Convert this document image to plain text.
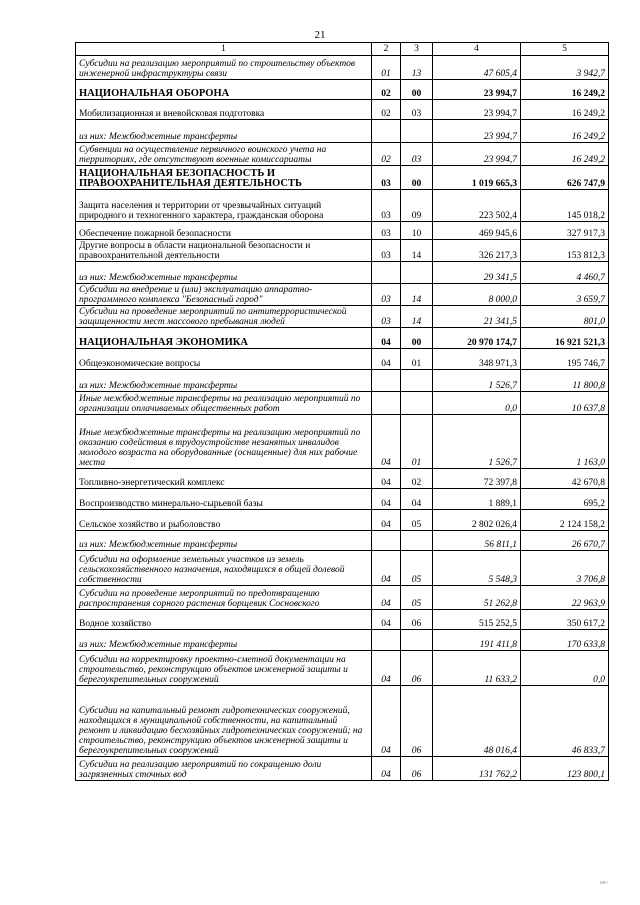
21
1	2	3	4	5
Субсидии на реализацию мероприятий по строительству объектов инженерной инфраструктуры связи	01	13	47 605,4	3 942,7
НАЦИОНАЛЬНАЯ ОБОРОНА	02	00	23 994,7	16 249,2
Мобилизационная и вневойсковая подготовка	02	03	23 994,7	16 249,2
из них: Межбюджетные трансферты			23 994,7	16 249,2
Субвенции на осуществление первичного воинского учета на территориях, где отсутствуют военные комиссариаты	02	03	23 994,7	16 249,2
НАЦИОНАЛЬНАЯ БЕЗОПАСНОСТЬ И ПРАВООХРАНИТЕЛЬНАЯ ДЕЯТЕЛЬНОСТЬ	03	00	1 019 665,3	626 747,9
Защита населения и территории от чрезвычайных ситуаций природного и техногенного характера, гражданская оборона	03	09	223 502,4	145 018,2
Обеспечение пожарной безопасности	03	10	469 945,6	327 917,3
Другие вопросы в области национальной безопасности и правоохранительной деятельности	03	14	326 217,3	153 812,3
из них: Межбюджетные трансферты			29 341,5	4 460,7
Субсидии на внедрение и (или) эксплуатацию аппаратно-программного комплекса "Безопасный город"	03	14	8 000,0	3 659,7
Субсидии на проведение мероприятий по антитеррористической защищенности мест массового пребывания людей	03	14	21 341,5	801,0
НАЦИОНАЛЬНАЯ ЭКОНОМИКА	04	00	20 970 174,7	16 921 521,3
Общеэкономические вопросы	04	01	348 971,3	195 746,7
из них: Межбюджетные трансферты			1 526,7	11 800,8
Иные межбюджетные трансферты на реализацию мероприятий по организации оплачиваемых общественных работ			0,0	10 637,8
Иные межбюджетные трансферты на реализацию мероприятий по оказанию содействия в трудоустройстве незанятых инвалидов молодого возраста на оборудованные (оснащенные) для них рабочие места	04	01	1 526,7	1 163,0
Топливно-энергетический комплекс	04	02	72 397,8	42 670,8
Воспроизводство минерально-сырьевой базы	04	04	1 889,1	695,2
Сельское хозяйство и рыболовство	04	05	2 802 026,4	2 124 158,2
из них: Межбюджетные трансферты			56 811,1	26 670,7
Субсидии на оформление земельных участков из земель сельскохозяйственного назначения, находящихся в общей долевой собственности	04	05	5 548,3	3 706,8
Субсидии на проведение мероприятий по предотвращению распространения сорного растения борщевик Сосновского	04	05	51 262,8	22 963,9
Водное хозяйство	04	06	515 252,5	350 617,2
из них: Межбюджетные трансферты			191 411,8	170 633,8
Субсидии на корректировку проектно-сметной документации на строительство, реконструкцию объектов инженерной защиты и берегоукрепительных сооружений	04	06	11 633,2	0,0
Субсидии на капитальный ремонт гидротехнических сооружений, находящихся в муниципальной собственности, на капитальный ремонт и ликвидацию бесхозяйных гидротехнических сооружений; на строительство, реконструкцию объектов инженерной защиты и берегоукрепительных сооружений	04	06	48 016,4	46 833,7
Субсидии на реализацию мероприятий по сокращению доли загрязненных сточных вод	04	06	131 762,2	123 800,1
ᴵᴵᴵᴮᴵ ᴵ
